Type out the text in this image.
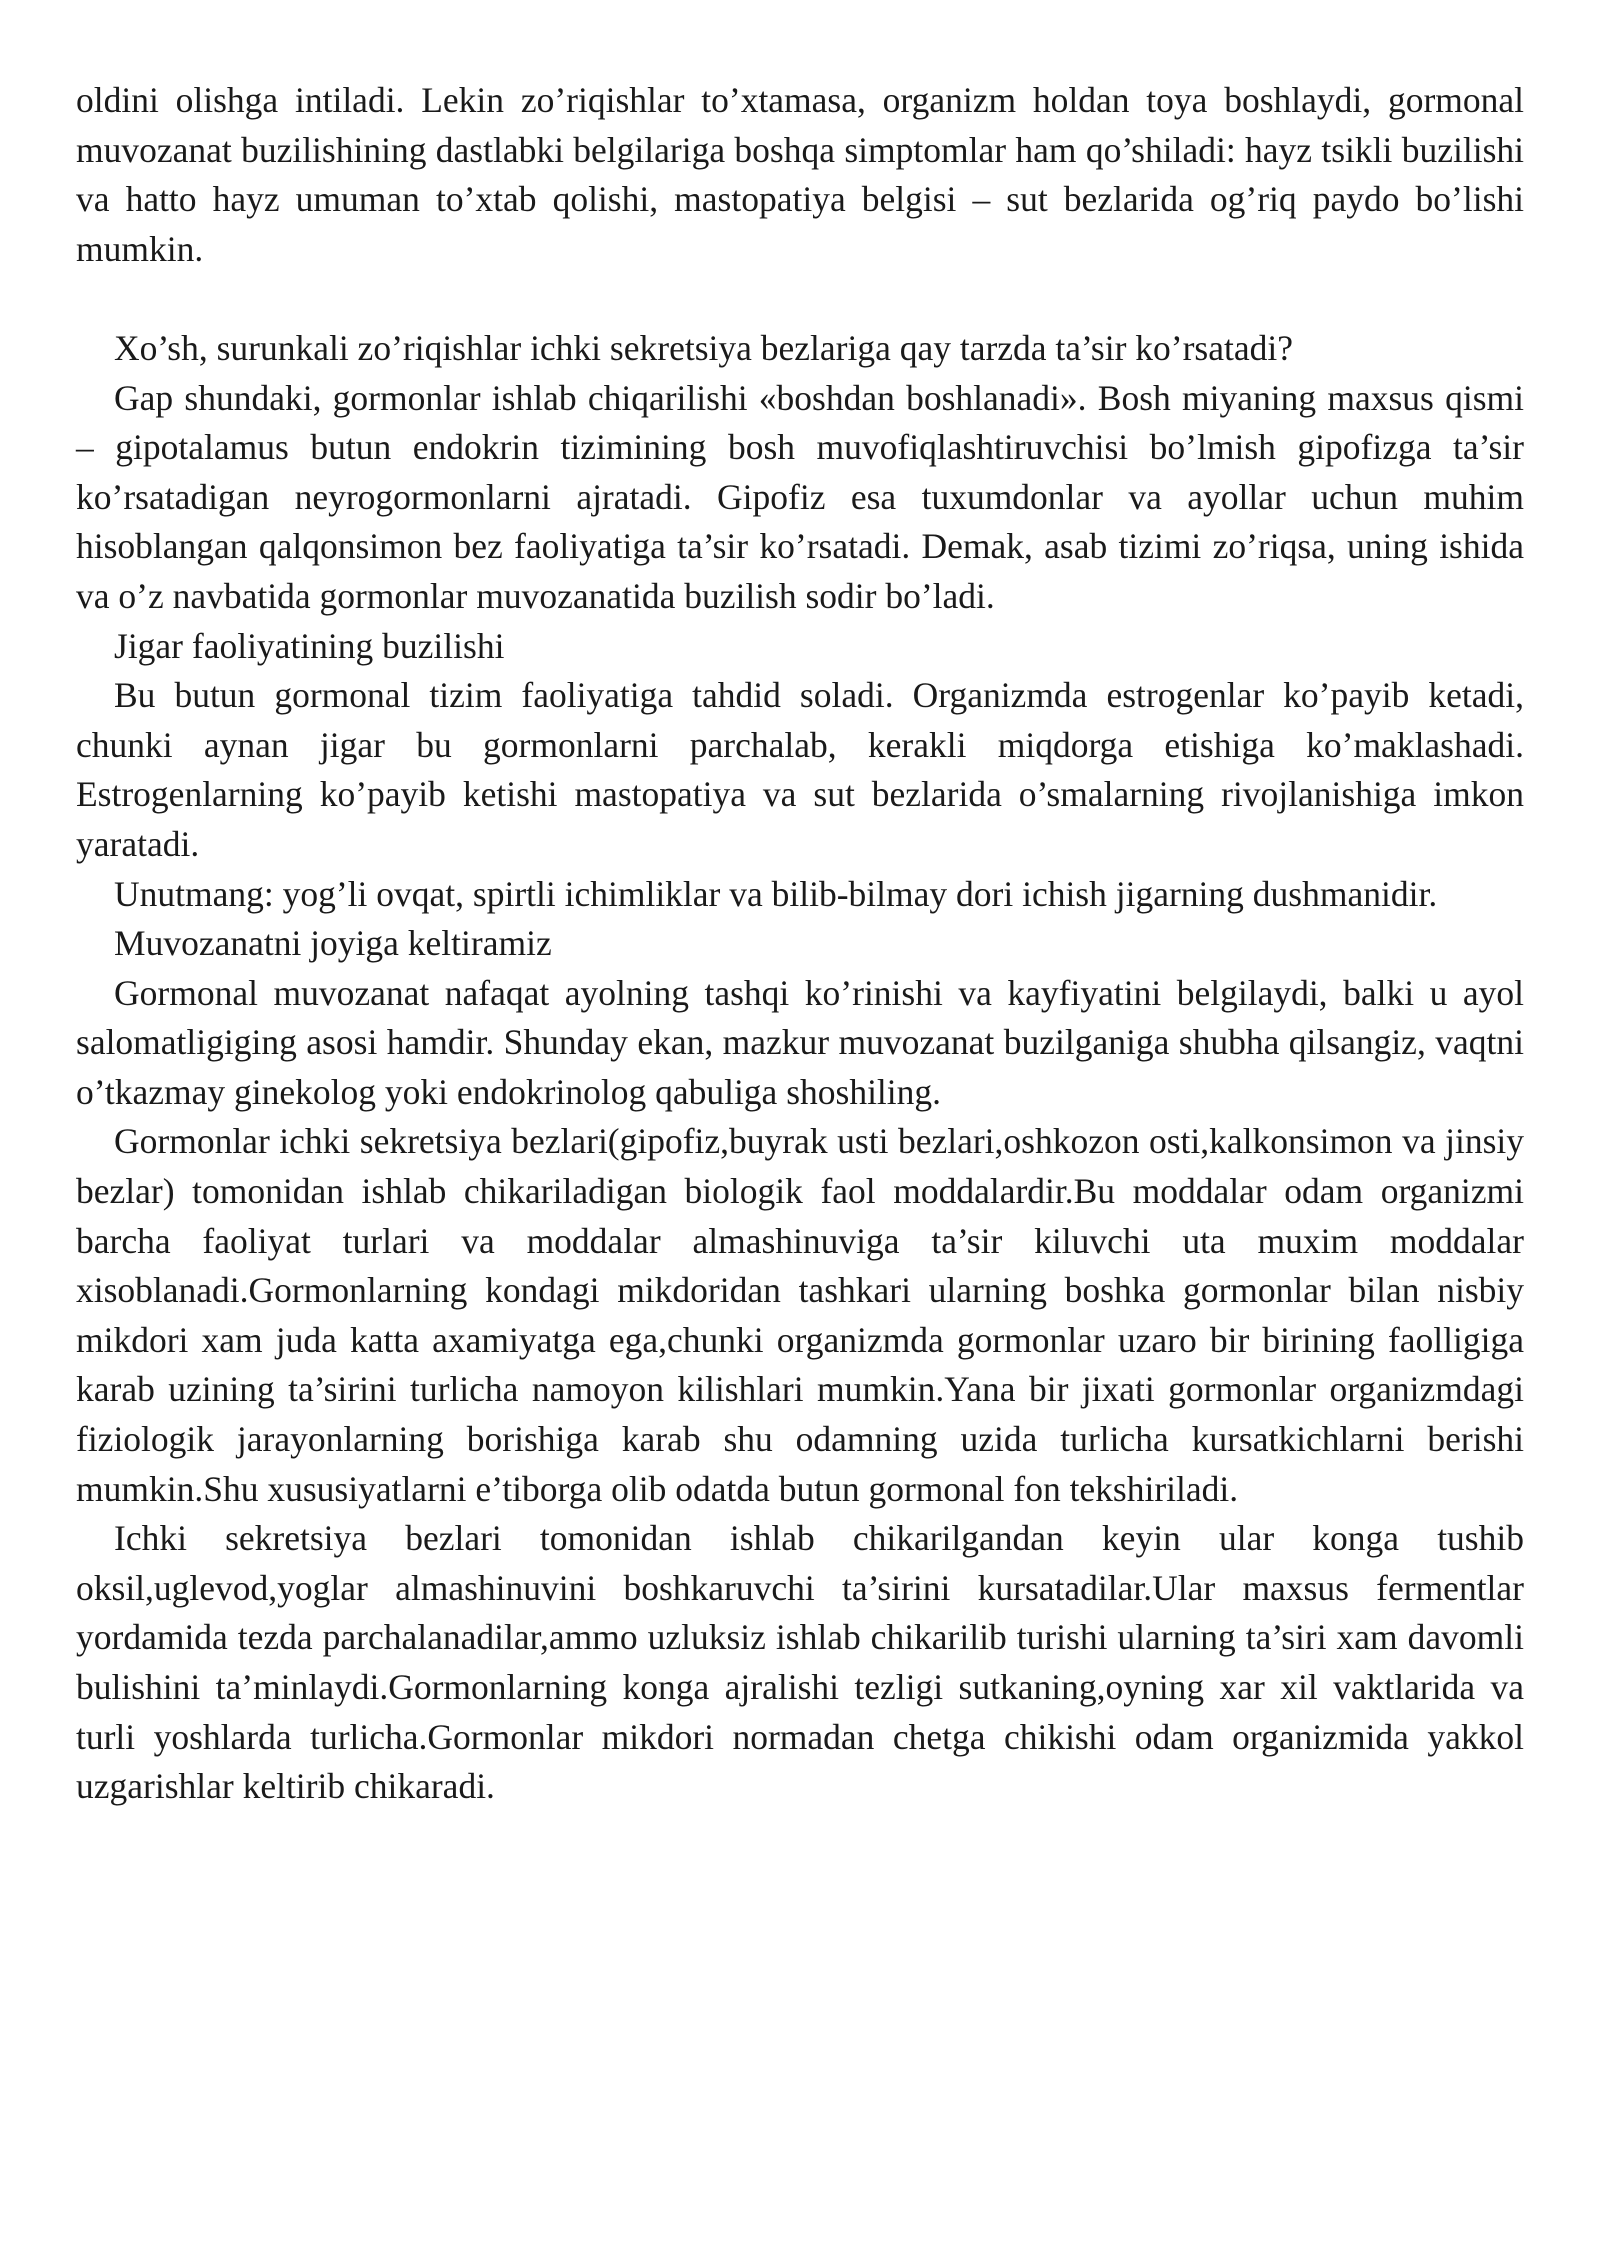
oldini olishga intiladi. Lekin zo’riqishlar to’xtamasa, organizm holdan toya boshlaydi, gormonal muvozanat buzilishining dastlabki belgilariga boshqa simptomlar ham qo’shiladi: hayz tsikli buzilishi va hatto hayz umuman to’xtab qolishi, mastopatiya belgisi – sut bezlarida og’riq paydo bo’lishi mumkin.

Xo’sh, surunkali zo’riqishlar ichki sekretsiya bezlariga qay tarzda ta’sir ko’rsatadi?

Gap shundaki, gormonlar ishlab chiqarilishi «boshdan boshlanadi». Bosh miyaning maxsus qismi – gipotalamus butun endokrin tizimining bosh muvofiqlashtiruvchisi bo’lmish gipofizga ta’sir ko’rsatadigan neyrogormonlarni ajratadi. Gipofiz esa tuxumdonlar va ayollar uchun muhim hisoblangan qalqonsimon bez faoliyatiga ta’sir ko’rsatadi. Demak, asab tizimi zo’riqsa, uning ishida va o’z navbatida gormonlar muvozanatida buzilish sodir bo’ladi.

Jigar faoliyatining buzilishi

Bu butun gormonal tizim faoliyatiga tahdid soladi. Organizmda estrogenlar ko’payib ketadi, chunki aynan jigar bu gormonlarni parchalab, kerakli miqdorga etishiga ko’maklashadi. Estrogenlarning ko’payib ketishi mastopatiya va sut bezlarida o’smalarning rivojlanishiga imkon yaratadi.

Unutmang: yog’li ovqat, spirtli ichimliklar va bilib-bilmay dori ichish jigarning dushmanidir.

Muvozanatni joyiga keltiramiz

Gormonal muvozanat nafaqat ayolning tashqi ko’rinishi va kayfiyatini belgilaydi, balki u ayol salomatligiging asosi hamdir. Shunday ekan, mazkur muvozanat buzilganiga shubha qilsangiz, vaqtni o’tkazmay ginekolog yoki endokrinolog qabuliga shoshiling.

Gormonlar ichki sekretsiya bezlari(gipofiz,buyrak usti bezlari,oshkozon osti,kalkonsimon va jinsiy bezlar) tomonidan ishlab chikariladigan biologik faol moddalardir.Bu moddalar odam organizmi barcha faoliyat turlari va moddalar almashinuviga ta’sir kiluvchi uta muxim moddalar xisoblanadi.Gormonlarning kondagi mikdoridan tashkari ularning boshka gormonlar bilan nisbiy mikdori xam juda katta axamiyatga ega,chunki organizmda gormonlar uzaro bir birining faolligiga karab uzining ta’sirini turlicha namoyon kilishlari mumkin.Yana bir jixati gormonlar organizmdagi fiziologik jarayonlarning borishiga karab shu odamning uzida turlicha kursatkichlarni berishi mumkin.Shu xususiyatlarni e’tiborga olib odatda butun gormonal fon tekshiriladi.

Ichki sekretsiya bezlari tomonidan ishlab chikarilgandan keyin ular konga tushib oksil,uglevod,yoglar almashinuvini boshkaruvchi ta’sirini kursatadilar.Ular maxsus fermentlar yordamida tezda parchalanadilar,ammo uzluksiz ishlab chikarilib turishi ularning ta’siri xam davomli bulishini ta’minlaydi.Gormonlarning konga ajralishi tezligi sutkaning,oyning xar xil vaktlarida va turli yoshlarda turlicha.Gormonlar mikdori normadan chetga chikishi odam organizmida yakkol uzgarishlar keltirib chikaradi.
